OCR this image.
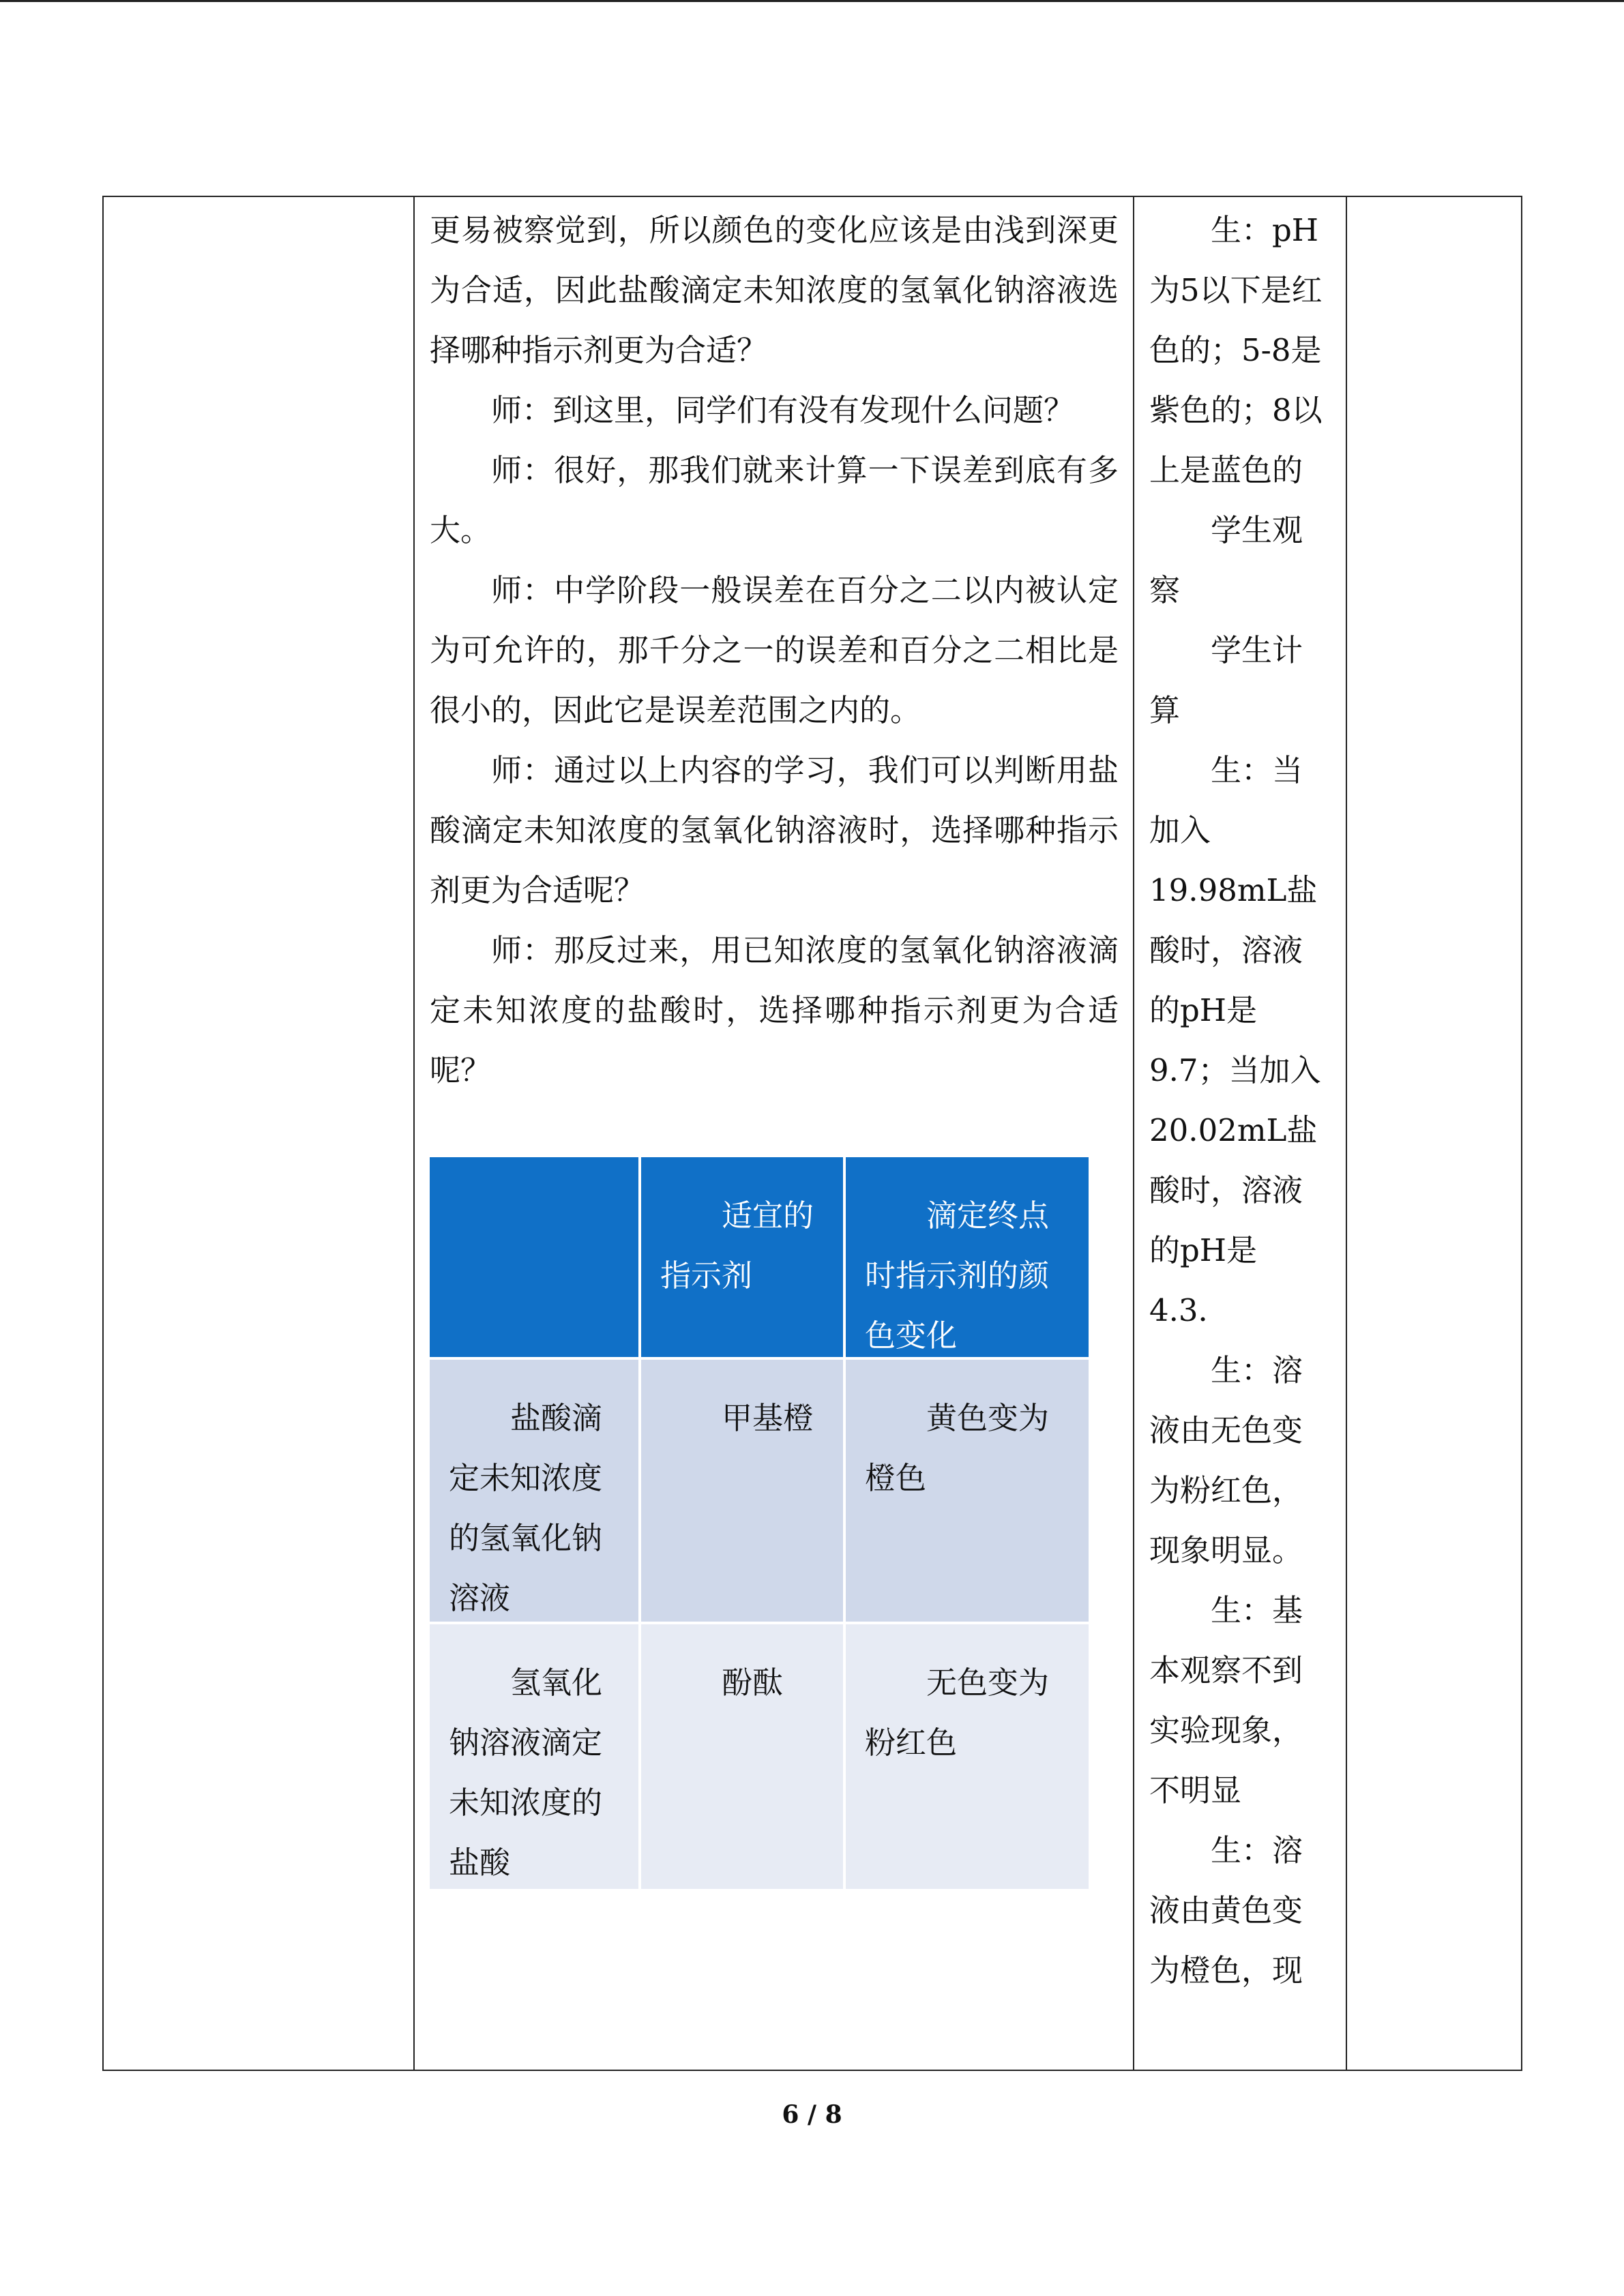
更易被察觉到，所以颜色的变化应该是由浅到深更为合适，因此盐酸滴定未知浓度的氢氧化钠溶液选择哪种指示剂更为合适？

师：到这里，同学们有没有发现什么问题？

师：很好，那我们就来计算一下误差到底有多大。

师：中学阶段一般误差在百分之二以内被认定为可允许的，那千分之一的误差和百分之二相比是很小的，因此它是误差范围之内的。

师：通过以上内容的学习，我们可以判断用盐酸滴定未知浓度的氢氧化钠溶液时，选择哪种指示剂更为合适呢？

师：那反过来，用已知浓度的氢氧化钠溶液滴定未知浓度的盐酸时，选择哪种指示剂更为合适呢？

生：pH为5以下是红色的；5-8是紫色的；8以上是蓝色的

学生观察

学生计算

生：当加入19.98mL盐酸时，溶液的pH是9.7；当加入20.02mL盐酸时，溶液的pH是4.3．

生：溶液由无色变为粉红色，现象明显。

生：基本观察不到实验现象，不明显

生：溶液由黄色变为橙色，现

适宜的指示剂
滴定终点时指示剂的颜色变化
盐酸滴定未知浓度的氢氧化钠溶液
甲基橙	黄色变为橙色
氢氧化钠溶液滴定未知浓度的盐酸
酚酞	无色变为粉红色
6 / 8
